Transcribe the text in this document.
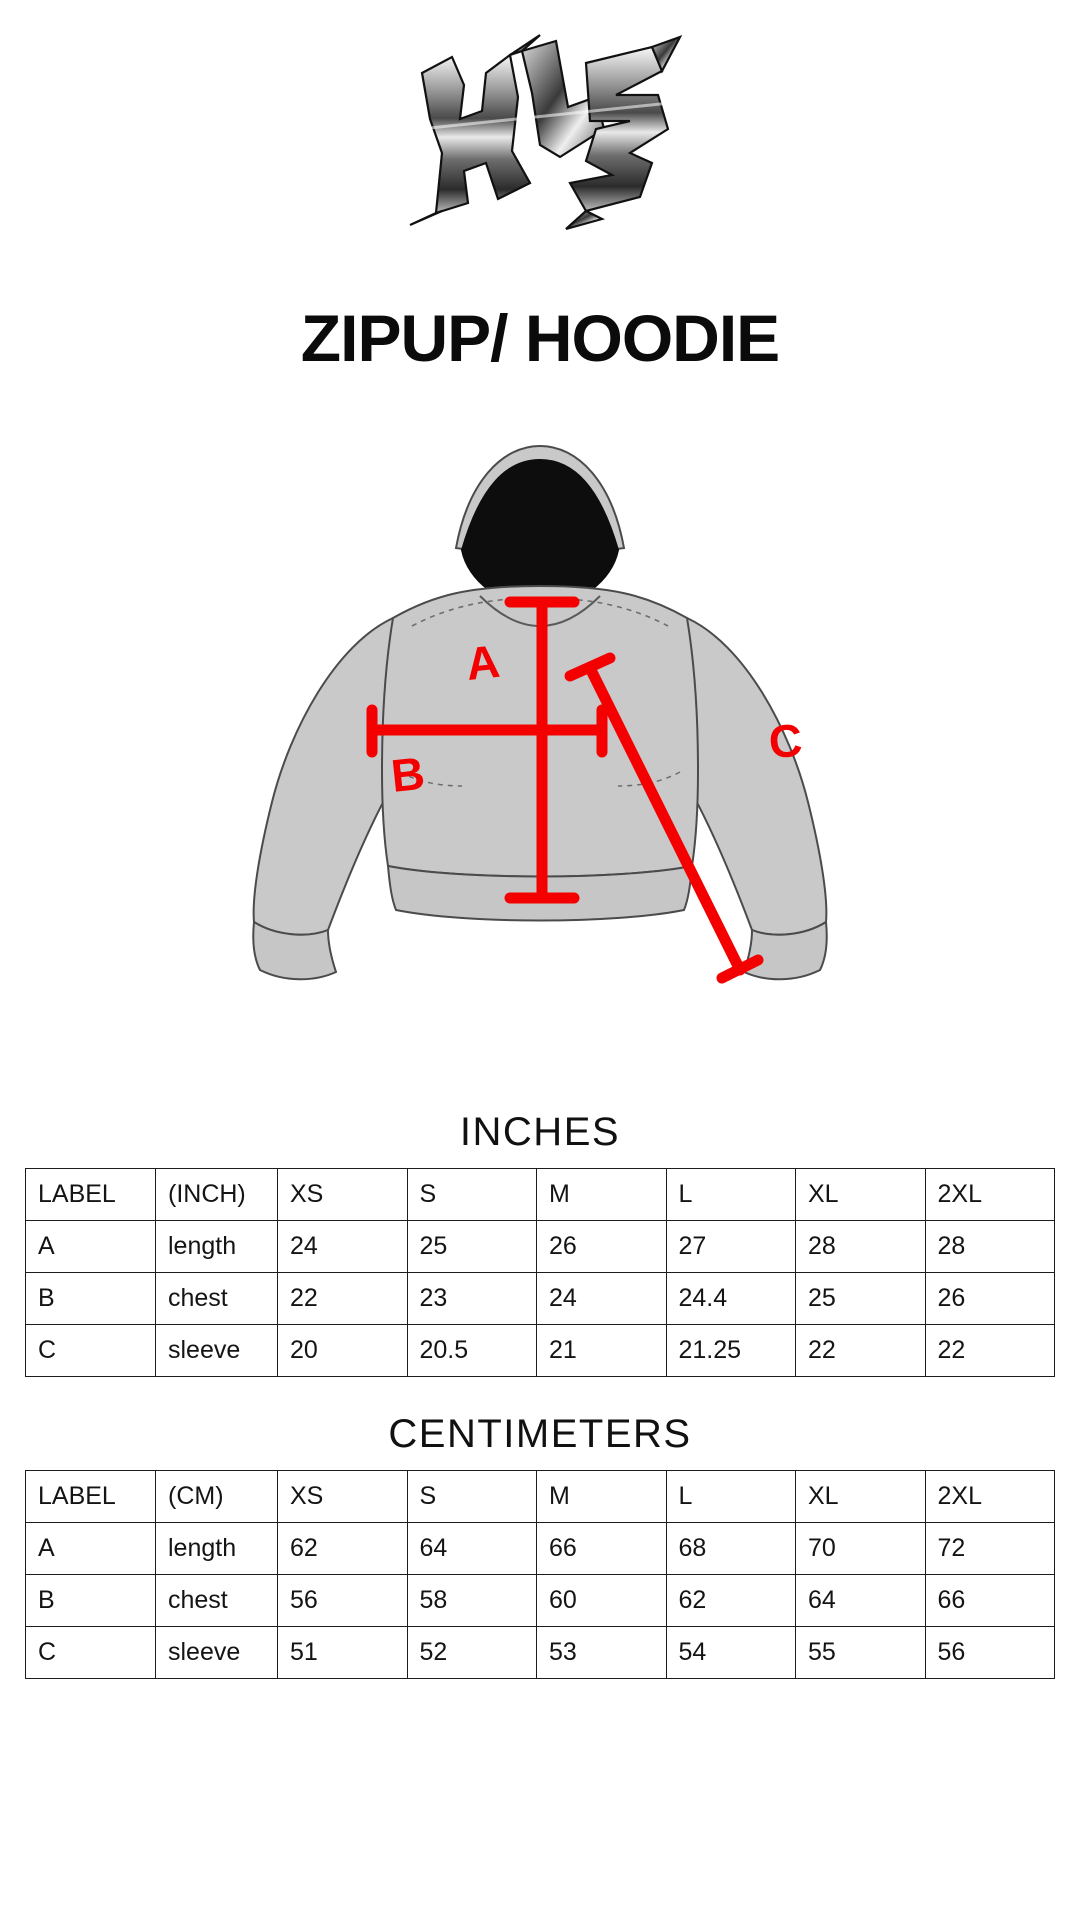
ZIPUP/ HOODIE
A
B
C
INCHES
LABEL	(INCH)	XS	S	M	L	XL	2XL
A	length	24	25	26	27	28	28
B	chest	22	23	24	24.4	25	26
C	sleeve	20	20.5	21	21.25	22	22
CENTIMETERS
LABEL	(CM)	XS	S	M	L	XL	2XL
A	length	62	64	66	68	70	72
B	chest	56	58	60	62	64	66
C	sleeve	51	52	53	54	55	56
